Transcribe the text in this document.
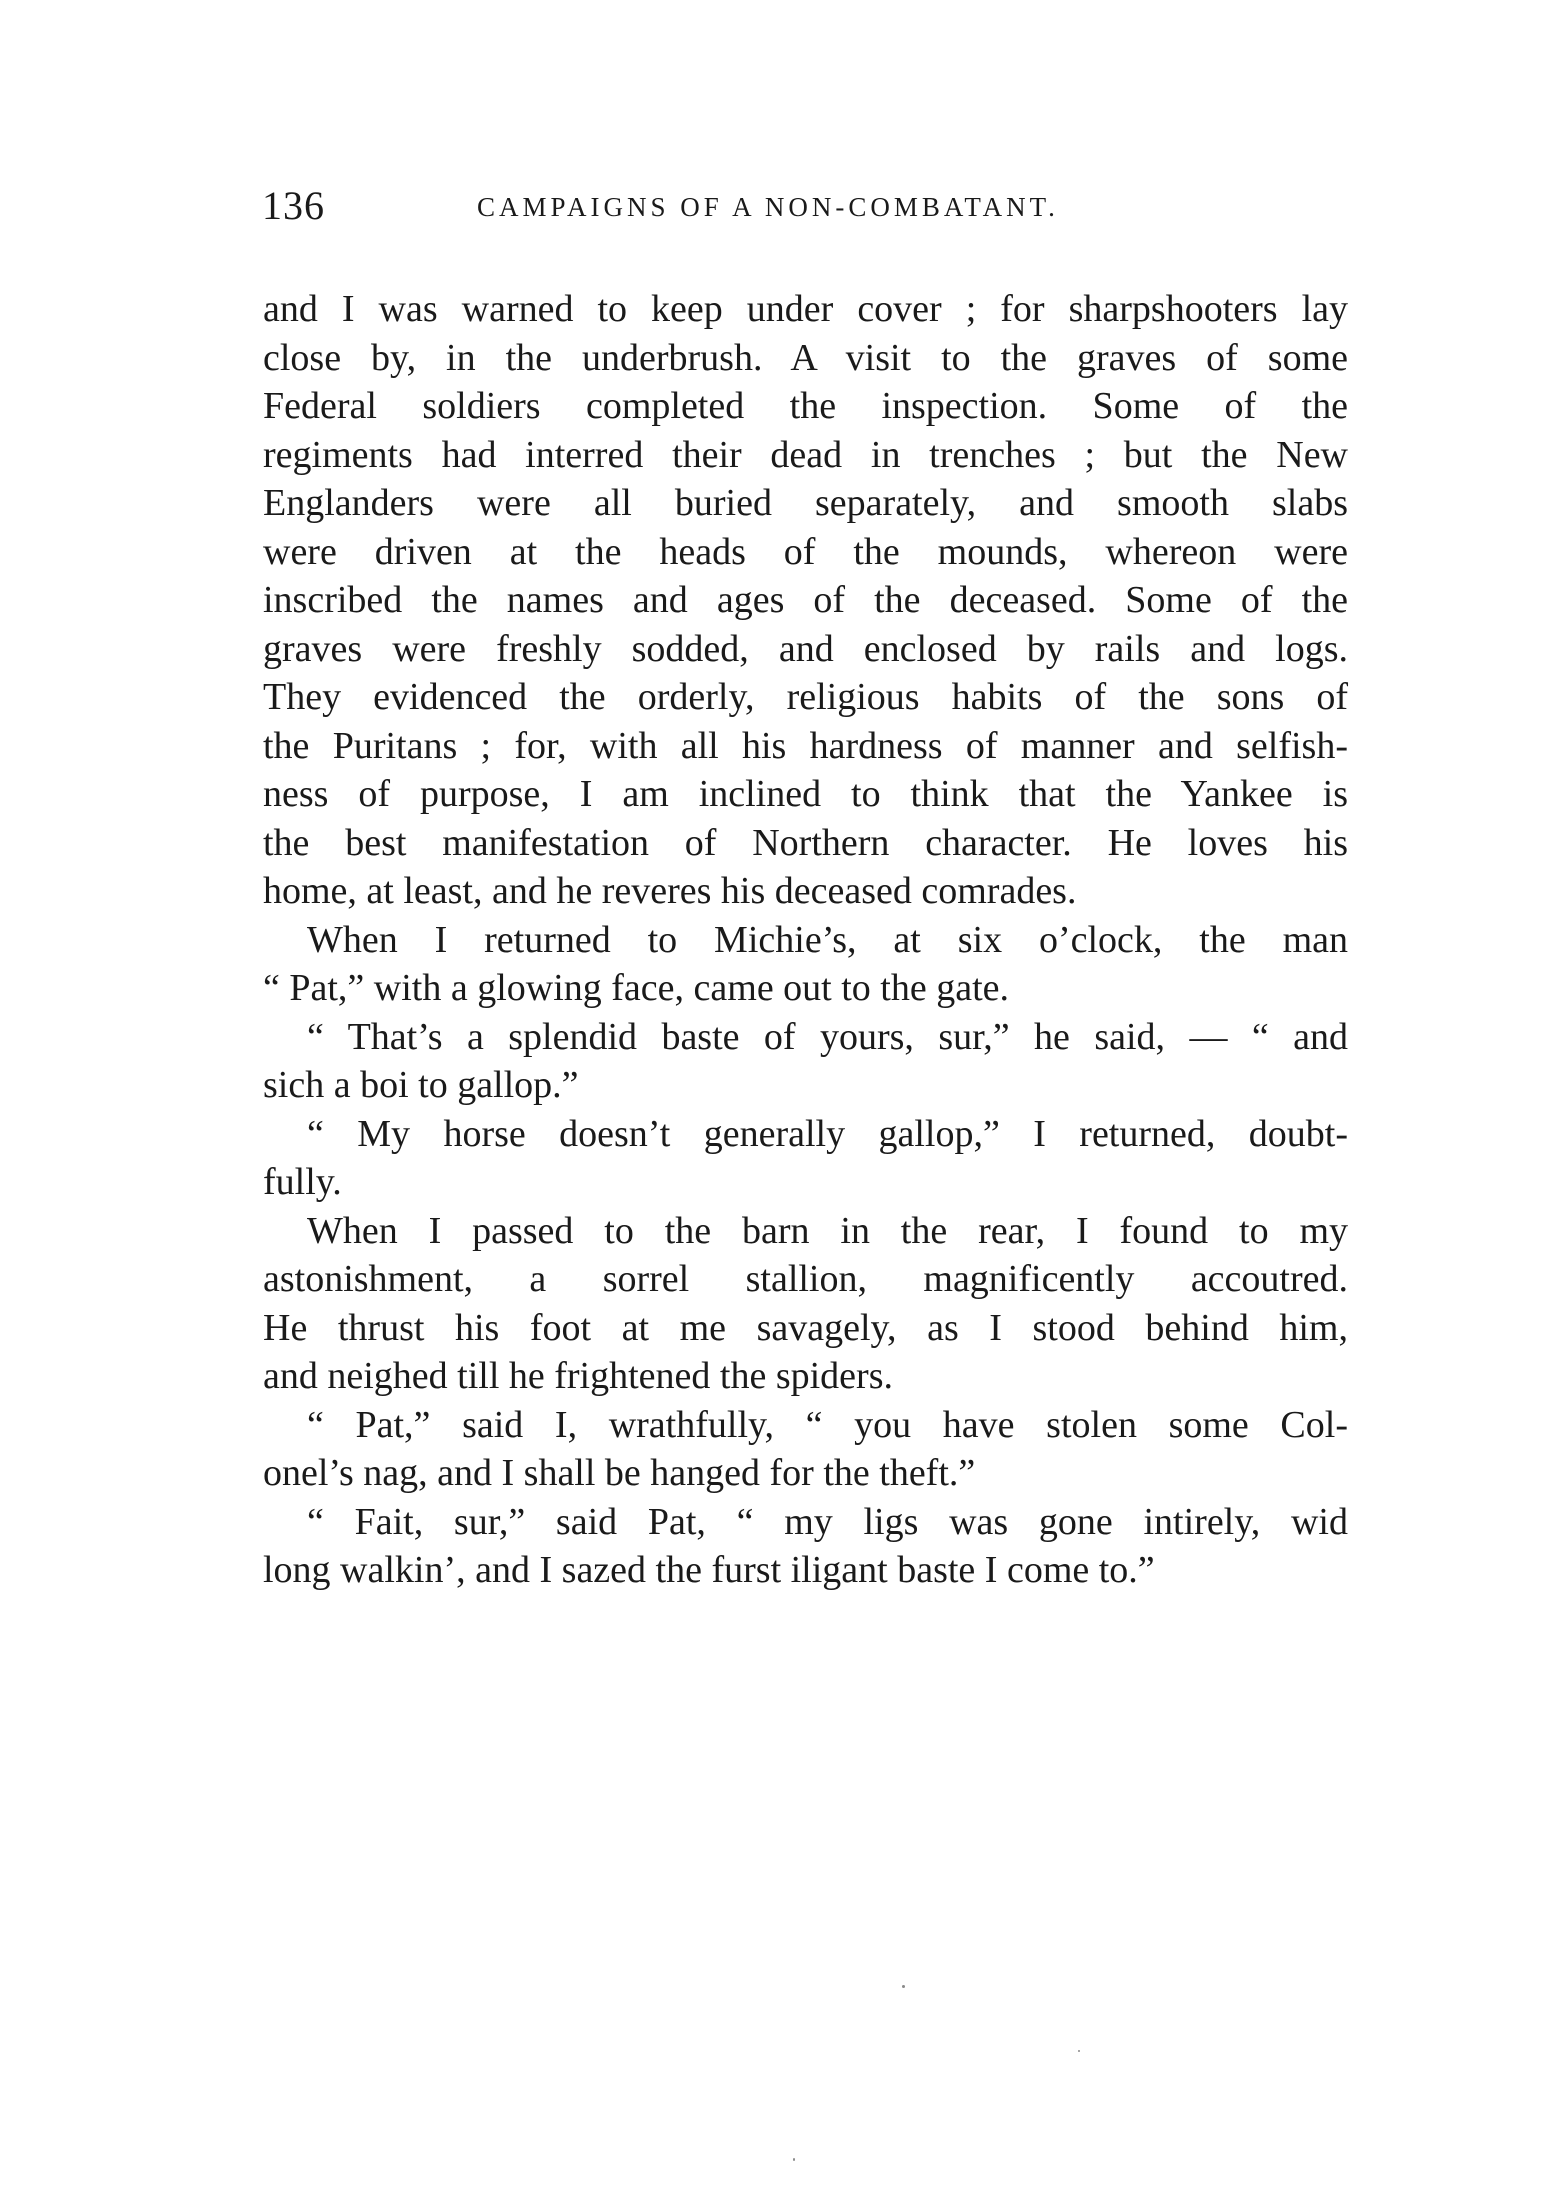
136	CAMPAIGNS OF A NON-COMBATANT.
and I was warned to keep under cover ; for sharpshooters lay
close by, in the underbrush. A visit to the graves of some
Federal soldiers completed the inspection. Some of the
regiments had interred their dead in trenches ; but the New
Englanders were all buried separately, and smooth slabs
were driven at the heads of the mounds, whereon were
inscribed the names and ages of the deceased. Some of the
graves were freshly sodded, and enclosed by rails and logs.
They evidenced the orderly, religious habits of the sons of
the Puritans ; for, with all his hardness of manner and selfish-
ness of purpose, I am inclined to think that the Yankee is
the best manifestation of Northern character. He loves his
home, at least, and he reveres his deceased comrades.
When I returned to Michie’s, at six o’clock, the man
“ Pat,” with a glowing face, came out to the gate.
“ That’s a splendid baste of yours, sur,” he said, — “ and
sich a boi to gallop.”
“ My horse doesn’t generally gallop,” I returned, doubt-
fully.
When I passed to the barn in the rear, I found to my
astonishment, a sorrel stallion, magnificently accoutred.
He thrust his foot at me savagely, as I stood behind him,
and neighed till he frightened the spiders.
“ Pat,” said I, wrathfully, “ you have stolen some Col-
onel’s nag, and I shall be hanged for the theft.”
“ Fait, sur,” said Pat, “ my ligs was gone intirely, wid
long walkin’, and I sazed the furst iligant baste I come to.”
